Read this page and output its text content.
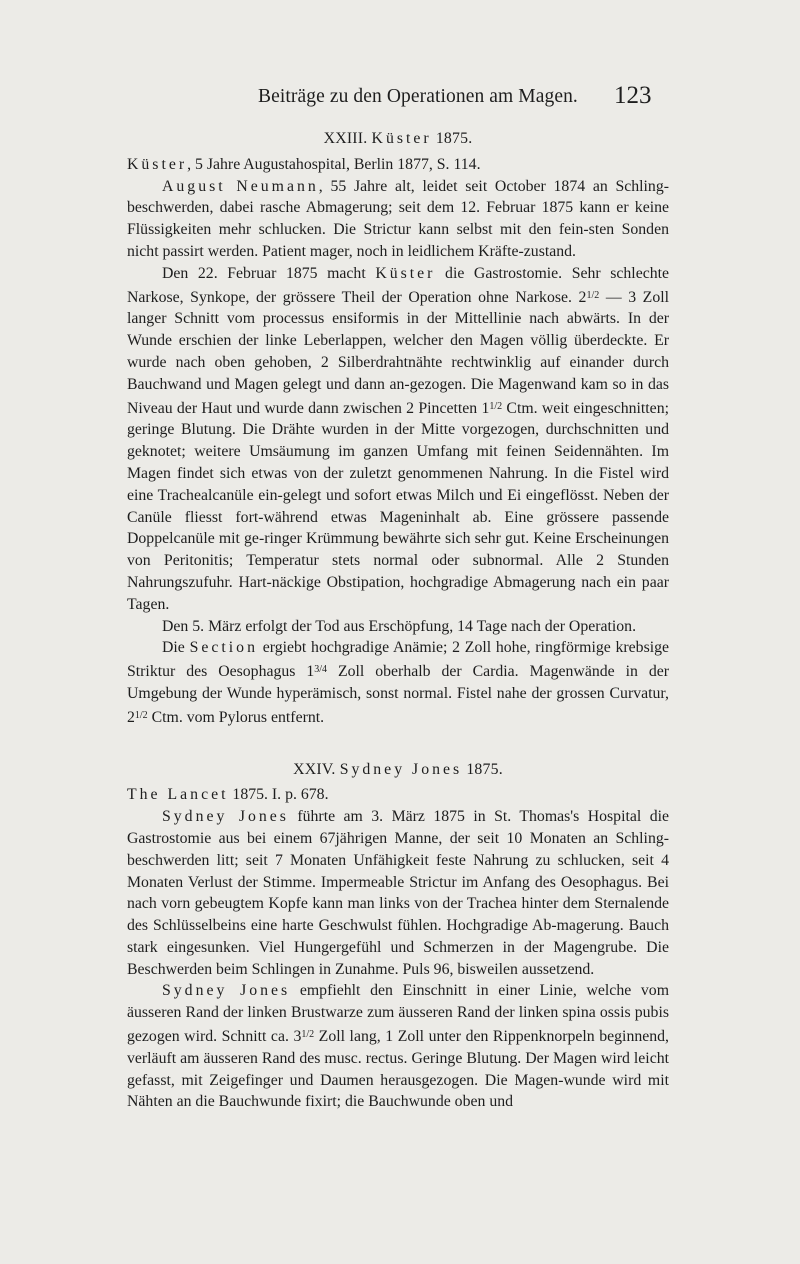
Beiträge zu den Operationen am Magen. 123
XXIII. Küster 1875.

Küster, 5 Jahre Augustahospital, Berlin 1877, S. 114.

August Neumann, 55 Jahre alt, leidet seit October 1874 an Schling-beschwerden, dabei rasche Abmagerung; seit dem 12. Februar 1875 kann er keine Flüssigkeiten mehr schlucken. Die Strictur kann selbst mit den fein-sten Sonden nicht passirt werden. Patient mager, noch in leidlichem Kräfte-zustand.

Den 22. Februar 1875 macht Küster die Gastrostomie. Sehr schlechte Narkose, Synkope, der grössere Theil der Operation ohne Narkose. $2^{1/2}$ — 3 Zoll langer Schnitt vom processus ensiformis in der Mittellinie nach abwärts. In der Wunde erschien der linke Leberlappen, welcher den Magen völlig überdeckte. Er wurde nach oben gehoben, 2 Silberdrahtnähte rechtwinklig auf einander durch Bauchwand und Magen gelegt und dann an-gezogen. Die Magenwand kam so in das Niveau der Haut und wurde dann zwischen 2 Pincetten $1^{1/2}$ Ctm. weit eingeschnitten; geringe Blutung. Die Drähte wurden in der Mitte vorgezogen, durchschnitten und geknotet; weitere Umsäumung im ganzen Umfang mit feinen Seidennähten. Im Magen findet sich etwas von der zuletzt genommenen Nahrung. In die Fistel wird eine Trachealcanüle ein-gelegt und sofort etwas Milch und Ei eingeflösst. Neben der Canüle fliesst fort-während etwas Mageninhalt ab. Eine grössere passende Doppelcanüle mit ge-ringer Krümmung bewährte sich sehr gut. Keine Erscheinungen von Peritonitis; Temperatur stets normal oder subnormal. Alle 2 Stunden Nahrungszufuhr. Hart-näckige Obstipation, hochgradige Abmagerung nach ein paar Tagen.

Den 5. März erfolgt der Tod aus Erschöpfung, 14 Tage nach der Operation.

Die Section ergiebt hochgradige Anämie; 2 Zoll hohe, ringförmige krebsige Striktur des Oesophagus $1^{3/4}$ Zoll oberhalb der Cardia. Magenwände in der Umgebung der Wunde hyperämisch, sonst normal. Fistel nahe der grossen Curvatur, $2^{1/2}$ Ctm. vom Pylorus entfernt.

XXIV. Sydney Jones 1875.

The Lancet 1875. I. p. 678.

Sydney Jones führte am 3. März 1875 in St. Thomas's Hospital die Gastrostomie aus bei einem 67jährigen Manne, der seit 10 Monaten an Schling-beschwerden litt; seit 7 Monaten Unfähigkeit feste Nahrung zu schlucken, seit 4 Monaten Verlust der Stimme. Impermeable Strictur im Anfang des Oesophagus. Bei nach vorn gebeugtem Kopfe kann man links von der Trachea hinter dem Sternalende des Schlüsselbeins eine harte Geschwulst fühlen. Hochgradige Ab-magerung. Bauch stark eingesunken. Viel Hungergefühl und Schmerzen in der Magengrube. Die Beschwerden beim Schlingen in Zunahme. Puls 96, bisweilen aussetzend.

Sydney Jones empfiehlt den Einschnitt in einer Linie, welche vom äusseren Rand der linken Brustwarze zum äusseren Rand der linken spina ossis pubis gezogen wird. Schnitt ca. $3^{1/2}$ Zoll lang, 1 Zoll unter den Rippenknorpeln beginnend, verläuft am äusseren Rand des musc. rectus. Geringe Blutung. Der Magen wird leicht gefasst, mit Zeigefinger und Daumen herausgezogen. Die Magen-wunde wird mit Nähten an die Bauchwunde fixirt; die Bauchwunde oben und
